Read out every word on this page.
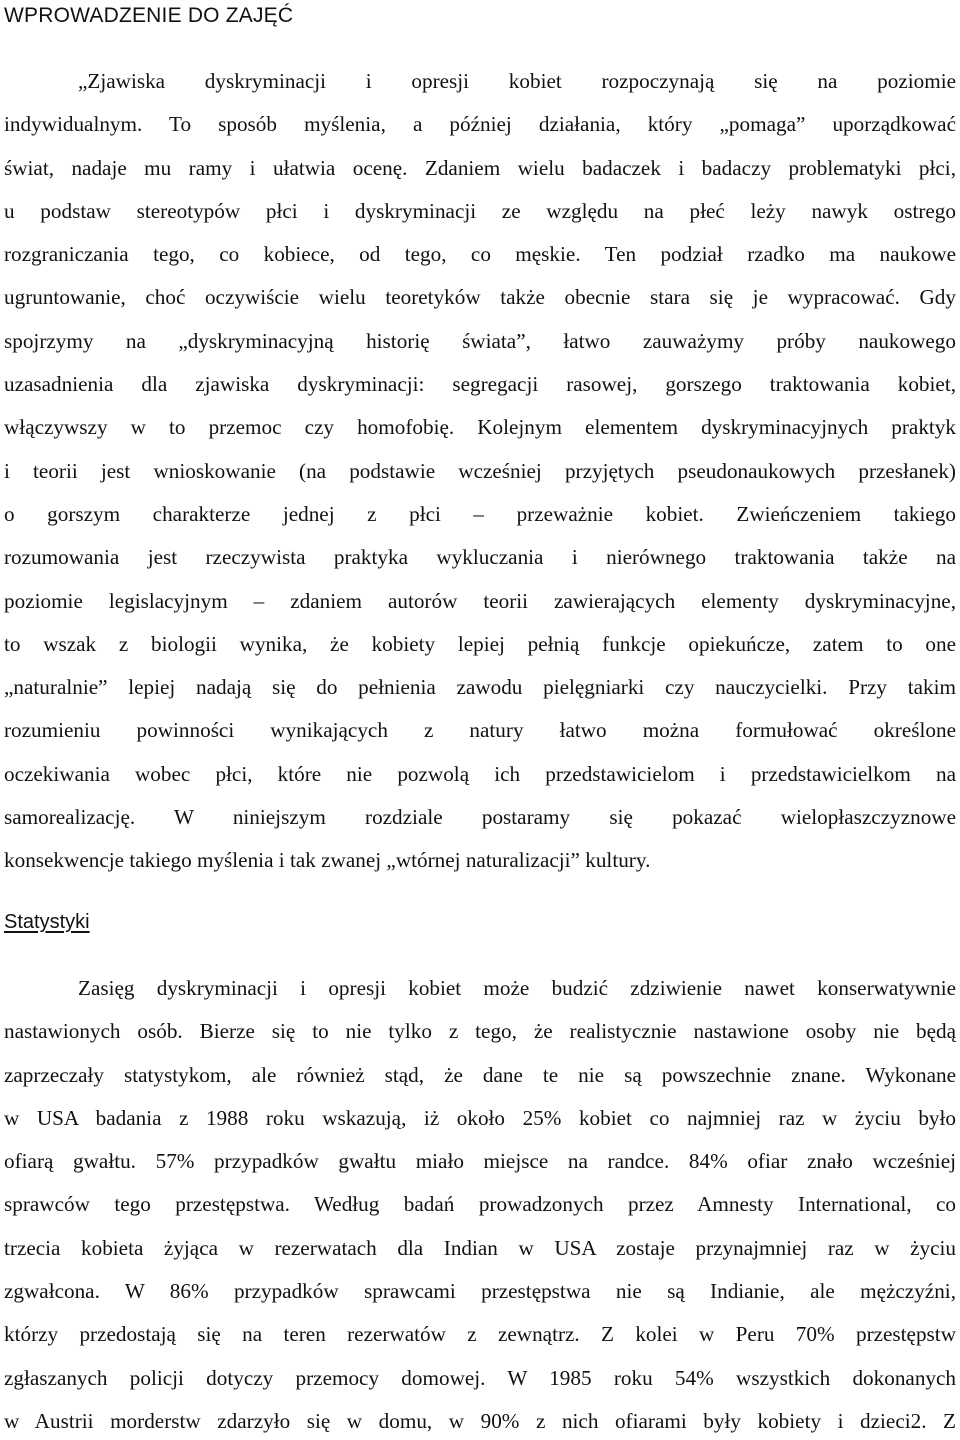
WPROWADZENIE DO ZAJĘĆ
„Zjawiska dyskryminacji i opresji kobiet rozpoczynają się na poziomie
indywidualnym. To sposób myślenia, a później działania, który „pomaga” uporządkować
świat, nadaje mu ramy i ułatwia ocenę. Zdaniem wielu badaczek i badaczy problematyki płci,
u podstaw stereotypów płci i dyskryminacji ze względu na płeć leży nawyk ostrego
rozgraniczania tego, co kobiece, od tego, co męskie. Ten podział rzadko ma naukowe
ugruntowanie, choć oczywiście wielu teoretyków także obecnie stara się je wypracować. Gdy
spojrzymy na „dyskryminacyjną historię świata”, łatwo zauważymy próby naukowego
uzasadnienia dla zjawiska dyskryminacji: segregacji rasowej, gorszego traktowania kobiet,
włączywszy w to przemoc czy homofobię. Kolejnym elementem dyskryminacyjnych praktyk
i teorii jest wnioskowanie (na podstawie wcześniej przyjętych pseudonaukowych przesłanek)
o gorszym charakterze jednej z płci – przeważnie kobiet. Zwieńczeniem takiego
rozumowania jest rzeczywista praktyka wykluczania i nierównego traktowania także na
poziomie legislacyjnym – zdaniem autorów teorii zawierających elementy dyskryminacyjne,
to wszak z biologii wynika, że kobiety lepiej pełnią funkcje opiekuńcze, zatem to one
„naturalnie” lepiej nadają się do pełnienia zawodu pielęgniarki czy nauczycielki. Przy takim
rozumieniu powinności wynikających z natury łatwo można formułować określone
oczekiwania wobec płci, które nie pozwolą ich przedstawicielom i przedstawicielkom na
samorealizację. W niniejszym rozdziale postaramy się pokazać wielopłaszczyznowe
konsekwencje takiego myślenia i tak zwanej „wtórnej naturalizacji” kultury.
Statystyki
Zasięg dyskryminacji i opresji kobiet może budzić zdziwienie nawet konserwatywnie
nastawionych osób. Bierze się to nie tylko z tego, że realistycznie nastawione osoby nie będą
zaprzeczały statystykom, ale również stąd, że dane te nie są powszechnie znane. Wykonane
w USA badania z 1988 roku wskazują, iż około 25% kobiet co najmniej raz w życiu było
ofiarą gwałtu. 57% przypadków gwałtu miało miejsce na randce. 84% ofiar znało wcześniej
sprawców tego przestępstwa. Według badań prowadzonych przez Amnesty International, co
trzecia kobieta żyjąca w rezerwatach dla Indian w USA zostaje przynajmniej raz w życiu
zgwałcona. W 86% przypadków sprawcami przestępstwa nie są Indianie, ale mężczyźni,
którzy przedostają się na teren rezerwatów z zewnątrz. Z kolei w Peru 70% przestępstw
zgłaszanych policji dotyczy przemocy domowej. W 1985 roku 54% wszystkich dokonanych
w Austrii morderstw zdarzyło się w domu, w 90% z nich ofiarami były kobiety i dzieci2. Z
